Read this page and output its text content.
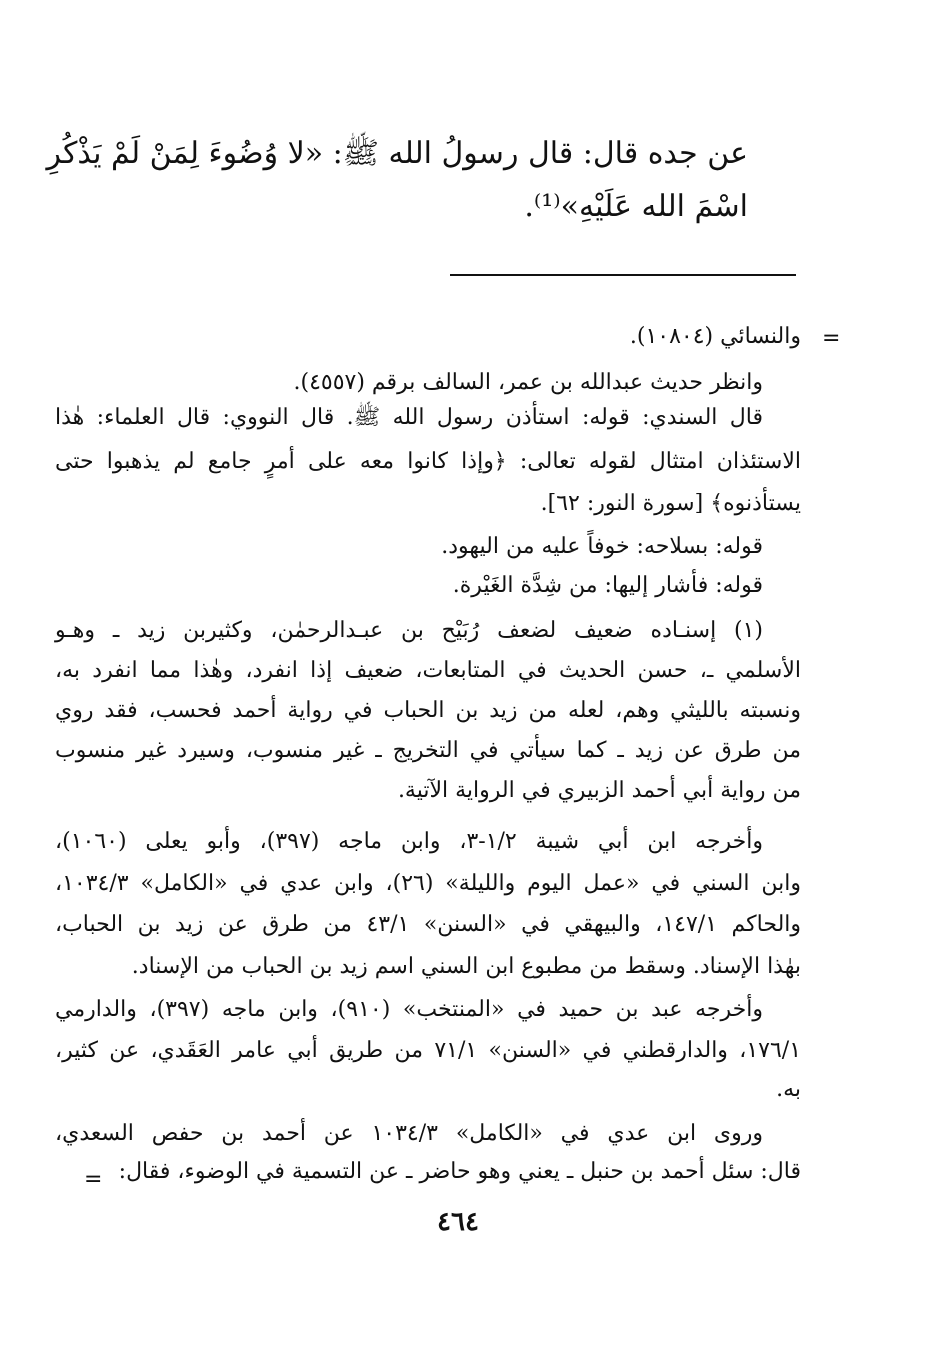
عن جده قال: قال رسولُ الله ﷺ: «لا وُضُوءَ لِمَنْ لَمْ يَذْكُرِ
اسْمَ الله عَلَيْهِ»⁽¹⁾.
=
والنسائي (١٠٨٠٤).
وانظر حديث عبدالله بن عمر، السالف برقم (٤٥٥٧).
قال السندي: قوله: استأذن رسول الله ﷺ. قال النووي: قال العلماء: هٰذا
الاستئذان امتثال لقوله تعالى: ﴿وإذا كانوا معه على أمرٍ جامع لم يذهبوا حتى
يستأذنوه﴾ [سورة النور: ٦٢].
قوله: بسلاحه: خوفاً عليه من اليهود.
قوله: فأشار إليها: من شِدَّة الغَيْرة.
(١) إسنـاده ضعيف لضعف رُبَيْح بن عبـدالرحمٰن، وكثيربن زيد ـ وهـو
الأسلمي ـ، حسن الحديث في المتابعات، ضعيف إذا انفرد، وهٰذا مما انفرد به،
ونسبته بالليثي وهم، لعله من زيد بن الحباب في رواية أحمد فحسب، فقد روي
من طرق عن زيد ـ كما سيأتي في التخريج ـ غير منسوب، وسيرد غير منسوب
من رواية أبي أحمد الزبيري في الرواية الآتية.
وأخرجه ابن أبي شيبة ١/٢-٣، وابن ماجه (٣٩٧)، وأبو يعلى (١٠٦٠)،
وابن السني في «عمل اليوم والليلة» (٢٦)، وابن عدي في «الكامل» ١٠٣٤/٣،
والحاكم ١٤٧/١، والبيهقي في «السنن» ٤٣/١ من طرق عن زيد بن الحباب،
بهٰذا الإسناد. وسقط من مطبوع ابن السني اسم زيد بن الحباب من الإسناد.
وأخرجه عبد بن حميد في «المنتخب» (٩١٠)، وابن ماجه (٣٩٧)، والدارمي
١٧٦/١، والدارقطني في «السنن» ٧١/١ من طريق أبي عامر العَقَدي، عن كثير،
به.
وروى ابن عدي في «الكامل» ١٠٣٤/٣ عن أحمد بن حفص السعدي،
قال: سئل أحمد بن حنبل ـ يعني وهو حاضر ـ عن التسمية في الوضوء، فقال:
=
٤٦٤
